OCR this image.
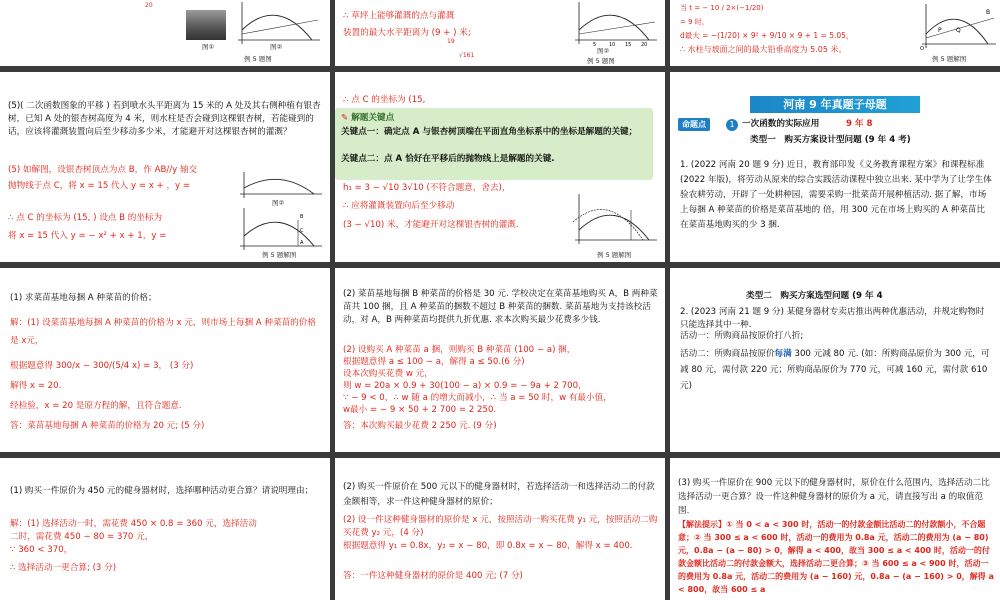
20
图①	图②
例 5 题图
∴ 草坪上能够灌溉的点与灌溉
装置的最大水平距离为 (9 + ) 米;
19
√161
5	10 15 20
图②
例 5 题图
当 t = − 10 / 2×(−1/20)
= 9 时，
d最大 = −(1/20) × 9² + 9/10 × 9 + 1 = 5.05，
∴ 水柱与坡面之间的最大铅垂高度为 5.05 米。
P Q
B
O
例 5 题解图
(5)( 二次函数图象的平移 ) 若到喷水头平距离为 15 米的 A 处及其右侧种植有银杏树，已知 A 处的银杏树高度为 4 米，则水柱是否会碰到这棵银杏树，若能碰到的话，应该将灌溉装置向后至少移动多少米，才能避开对这棵银杏树的灌溉？
(5) 如解图，设银杏树顶点为点 B，作 AB//y 轴交
抛物线于点 C，将 x = 15 代入 y = x + ，y =
∴ 点 C 的坐标为 (15, ) 设点 B 的坐标为
将 x = 15 代入 y = − x² + x + 1，y =
图②
B
C
A
例 5 题解图
∴ 点 C 的坐标为 (15,
✎ 解题关键点
关键点一：确定点 A 与银杏树顶端在平面直角坐标系中的坐标是解题的关键；
关键点二：点 A 恰好在平移后的抛物线上是解题的关键.
h₁ = 3 − √10 3√10 (不符合题意，舍去)，
∴ 应将灌溉装置向后至少移动
(3 − √10) 米，才能避开对这棵银杏树的灌溉.
例 5 题解图
河南 9 年真题子母题
命题点	1 一次函数的实际应用	9 年 8
类型一　购买方案设计型问题 (9 年 4 考)
1. (2022 河南 20 题 9 分) 近日，教育部印发《义务教育课程方案》和课程标准 (2022 年版)，将劳动从原来的综合实践活动课程中独立出来. 某中学为了让学生体验农耕劳动，开辟了一处耕种园，需要采购一批菜苗开展种植活动. 据了解，市场上每捆 A 种菜苗的价格是菜苗基地的 倍，用 300 元在市场上购买的 A 种菜苗比在菜苗基地购买的少 3 捆.
(1) 求菜苗基地每捆 A 种菜苗的价格；
解：(1) 设菜苗基地每捆 A 种菜苗的价格为 x 元，则市场上每捆 A 种菜苗的价格是 x元，
根据题意得 300/x − 300/(5/4 x) = 3， (3 分)
解得 x = 20.
经检验，x = 20 是原方程的解，且符合题意.
答：菜苗基地每捆 A 种菜苗的价格为 20 元; (5 分)
(2) 菜苗基地每捆 B 种菜苗的价格是 30 元. 学校决定在菜苗基地购买 A，B 两种菜苗共 100 捆，且 A 种菜苗的捆数不超过 B 种菜苗的捆数. 菜苗基地为支持该校活动，对 A，B 两种菜苗均提供九折优惠. 求本次购买最少花费多少钱.
(2) 设购买 A 种菜苗 a 捆，则购买 B 种菜苗 (100 − a) 捆，
根据题意得 a ≤ 100 − a，解得 a ≤ 50.(6 分)
设本次购买花费 w 元，
则 w = 20a × 0.9 + 30(100 − a) × 0.9 = − 9a + 2 700，
∵ − 9 < 0，∴ w 随 a 的增大而减小，∴ 当 a = 50 时，w 有最小值，
w最小 = − 9 × 50 + 2 700 = 2 250.
答：本次购买最少花费 2 250 元. (9 分)
类型二　购买方案选型问题 (9 年 4
2. (2023 河南 21 题 9 分) 某健身器材专卖店推出两种优惠活动，并规定购物时只能选择其中一种.
活动一：所购商品按原价打八折;
活动二：所购商品按原价每满 300 元减 80 元. (如：所购商品原价为 300 元，可减 80 元，需付款 220 元；所购商品原价为 770 元，可减 160 元，需付款 610 元)
(1) 购买一件原价为 450 元的健身器材时，选择哪种活动更合算？请说明理由；
解：(1) 选择活动一时，需花费 450 × 0.8 = 360 元，选择活动二时，需花费 450 − 80 = 370 元，
∵ 360 < 370，
∴ 选择活动一更合算; (3 分)
(2) 购买一件原价在 500 元以下的健身器材时，若选择活动一和选择活动二的付款金额相等，求一件这种健身器材的原价；
(2) 设一件这种健身器材的原价是 x 元，按照活动一购买花费 y₁ 元，按照活动二购买花费 y₂ 元，(4 分)
根据题意得 y₁ = 0.8x，y₂ = x − 80，即 0.8x = x − 80，解得 x = 400.
答：一件这种健身器材的原价是 400 元; (7 分)
(3) 购买一件原价在 900 元以下的健身器材时，原价在什么范围内，选择活动二比选择活动一更合算？设一件这种健身器材的原价为 a 元，请直接写出 a 的取值范围.
【解法提示】① 当 0 < a < 300 时，活动一的付款金额比活动二的付款额小，不合题意；② 当 300 ≤ a < 600 时，活动一的费用为 0.8a 元，活动二的费用为 (a − 80) 元，0.8a − (a − 80) > 0，解得 a < 400，故当 300 ≤ a < 400 时，活动一的付款金额比活动二的付款金额大，选择活动二更合算；③ 当 600 ≤ a < 900 时，活动一的费用为 0.8a 元，活动二的费用为 (a − 160) 元，0.8a − (a − 160) > 0，解得 a < 800，故当 600 ≤ a
